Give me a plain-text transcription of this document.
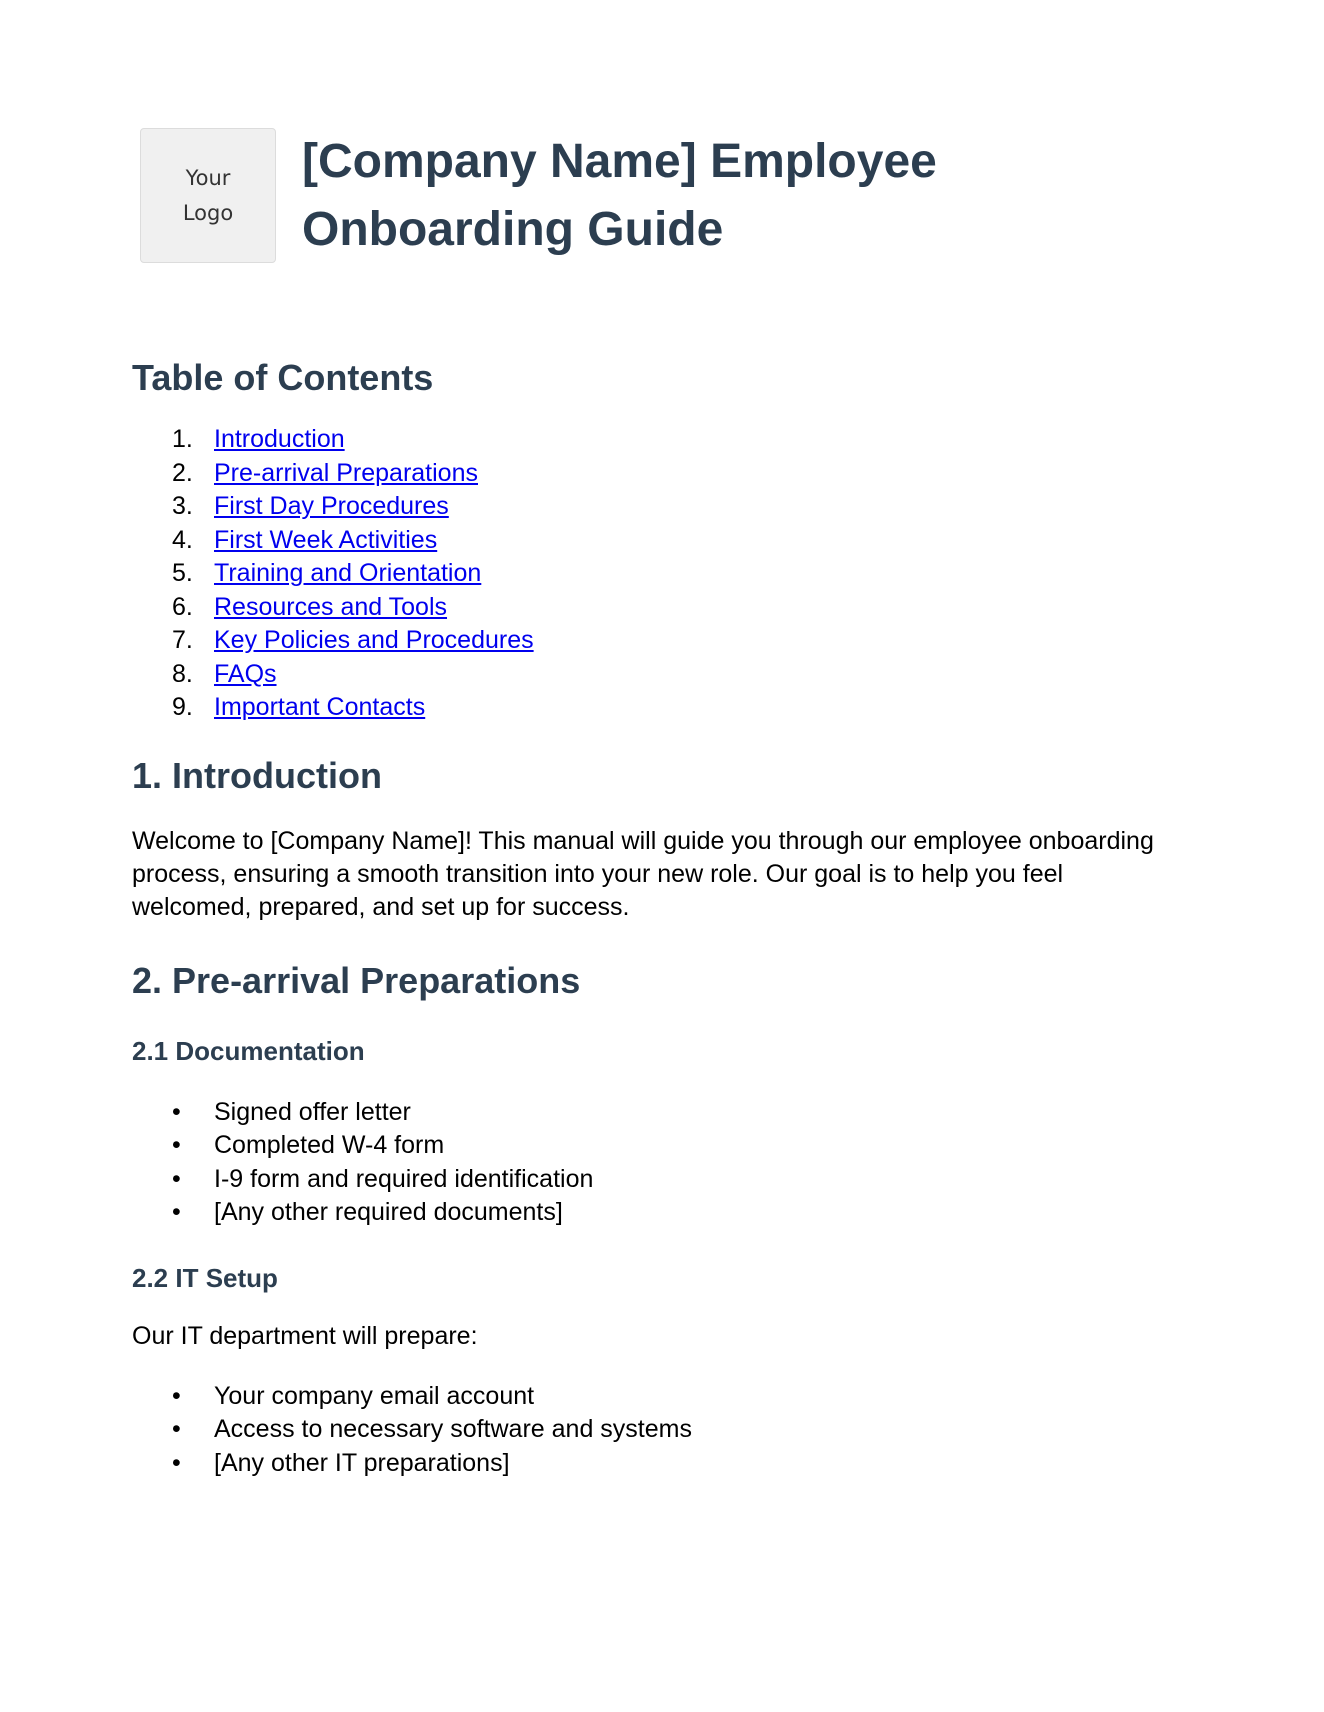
Your
Logo
[Company Name] Employee
Onboarding Guide
Table of Contents
1. Introduction
2. Pre-arrival Preparations
3. First Day Procedures
4. First Week Activities
5. Training and Orientation
6. Resources and Tools
7. Key Policies and Procedures
8. FAQs
9. Important Contacts
1. Introduction

Welcome to [Company Name]! This manual will guide you through our employee onboarding
process, ensuring a smooth transition into your new role. Our goal is to help you feel
welcomed, prepared, and set up for success.

2. Pre-arrival Preparations
2.1 Documentation
•	Signed offer letter
•	Completed W-4 form
•	I-9 form and required identification
•	[Any other required documents]
2.2 IT Setup

Our IT department will prepare:

•	Your company email account
•	Access to necessary software and systems
•	[Any other IT preparations]
